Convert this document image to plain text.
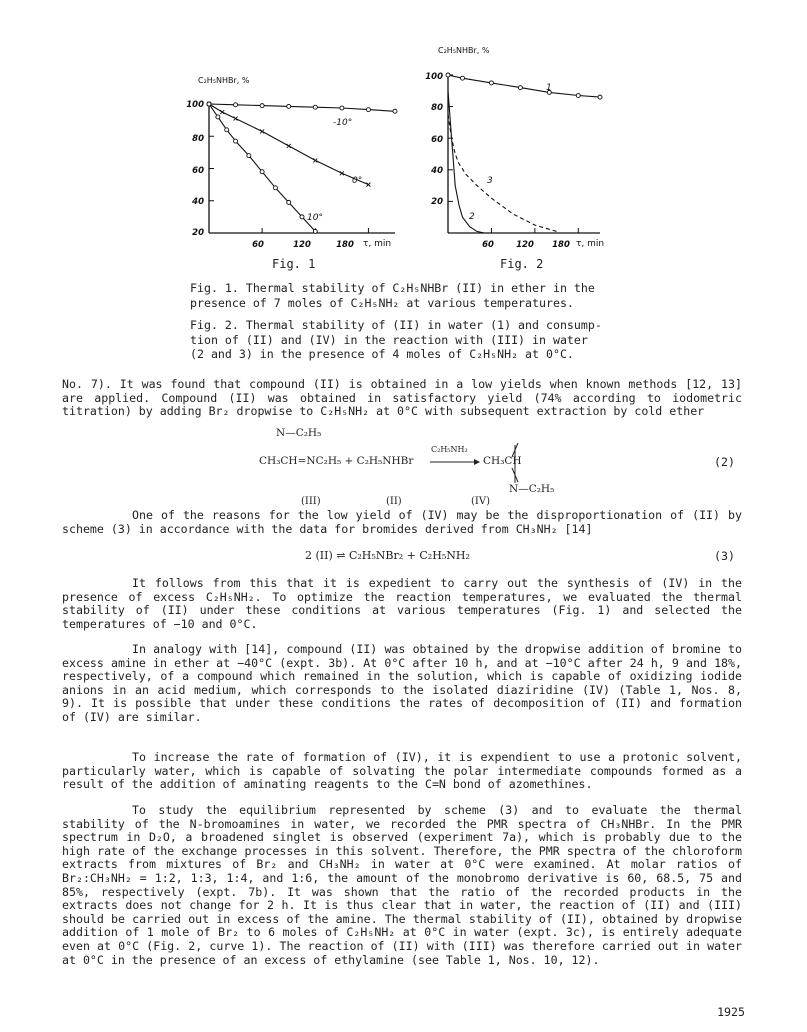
C₂H₅NHBr, %
100
80
60
40
20
60	120	180	τ, min
-10°
0°
10°
Fig. 1
C₂H₅NHBr, %
100
80
60
40
20
60	120	180 τ, min
1
2
3
Fig. 2
Fig. 1. Thermal stability of C₂H₅NHBr (II) in ether in the
presence of 7 moles of C₂H₅NH₂ at various temperatures.
Fig. 2. Thermal stability of (II) in water (1) and consump-
tion of (II) and (IV) in the reaction with (III) in water
(2 and 3) in the presence of 4 moles of C₂H₅NH₂ at 0°C.
No. 7). It was found that compound (II) is obtained in a low yields when known methods [12, 13] are applied. Compound (II) was obtained in satisfactory yield (74% according to iodometric titration) by adding Br₂ dropwise to C₂H₅NH₂ at 0°C with subsequent extraction by cold ether
N—C₂H₅
CH₃CH=NC₂H₅ + C₂H₅NHBr
C₂H₅NH₂
CH₃CH
N—C₂H₅
(III)	(II)	(IV)
(2)
One of the reasons for the low yield of (IV) may be the disproportionation of (II) by scheme (3) in accordance with the data for bromides derived from CH₃NH₂ [14]
2 (II) ⇌ C₂H₅NBr₂ + C₂H₅NH₂	(3)
It follows from this that it is expedient to carry out the synthesis of (IV) in the presence of excess C₂H₅NH₂. To optimize the reaction temperatures, we evaluated the thermal stability of (II) under these conditions at various temperatures (Fig. 1) and selected the temperatures of −10 and 0°C.
In analogy with [14], compound (II) was obtained by the dropwise addition of bromine to excess amine in ether at −40°C (expt. 3b). At 0°C after 10 h, and at −10°C after 24 h, 9 and 18%, respectively, of a compound which remained in the solution, which is capable of oxidizing iodide anions in an acid medium, which corresponds to the isolated diaziridine (IV) (Table 1, Nos. 8, 9). It is possible that under these conditions the rates of decomposition of (II) and formation of (IV) are similar.
To increase the rate of formation of (IV), it is expendient to use a protonic solvent, particularly water, which is capable of solvating the polar intermediate compounds formed as a result of the addition of aminating reagents to the C=N bond of azomethines.
To study the equilibrium represented by scheme (3) and to evaluate the thermal stability of the N-bromoamines in water, we recorded the PMR spectra of CH₃NHBr. In the PMR spectrum in D₂O, a broadened singlet is observed (experiment 7a), which is probably due to the high rate of the exchange processes in this solvent. Therefore, the PMR spectra of the chloroform extracts from mixtures of Br₂ and CH₃NH₂ in water at 0°C were examined. At molar ratios of Br₂:CH₃NH₂ = 1:2, 1:3, 1:4, and 1:6, the amount of the monobromo derivative is 60, 68.5, 75 and 85%, respectively (expt. 7b). It was shown that the ratio of the recorded products in the extracts does not change for 2 h. It is thus clear that in water, the reaction of (II) and (III) should be carried out in excess of the amine. The thermal stability of (II), obtained by dropwise addition of 1 mole of Br₂ to 6 moles of C₂H₅NH₂ at 0°C in water (expt. 3c), is entirely adequate even at 0°C (Fig. 2, curve 1). The reaction of (II) with (III) was therefore carried out in water at 0°C in the presence of an excess of ethylamine (see Table 1, Nos. 10, 12).
1925
